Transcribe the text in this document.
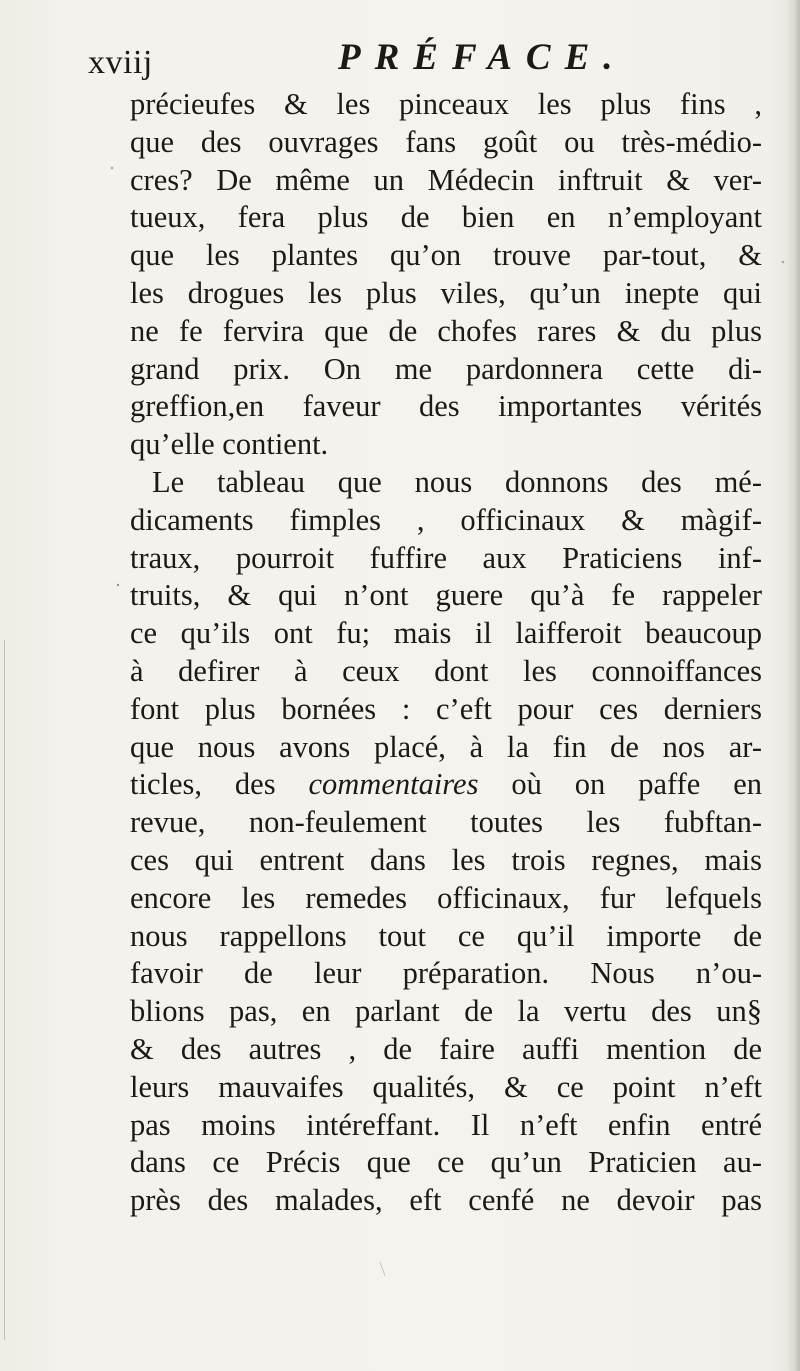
xviij	PRÉFACE.
précieufes & les pinceaux les plus fins ,
que des ouvrages fans goût ou très-médio-
cres? De même un Médecin inftruit & ver-
tueux, fera plus de bien en n’employant
que les plantes qu’on trouve par-tout, &
les drogues les plus viles, qu’un inepte qui
ne fe fervira que de chofes rares & du plus
grand prix. On me pardonnera cette di-
greffion,en faveur des importantes vérités
qu’elle contient.
Le tableau que nous donnons des mé-
dicaments fimples , officinaux & màgif-
traux, pourroit fuffire aux Praticiens inf-
truits, & qui n’ont guere qu’à fe rappeler
ce qu’ils ont fu; mais il laifferoit beaucoup
à defirer à ceux dont les connoiffances
font plus bornées : c’eft pour ces derniers
que nous avons placé, à la fin de nos ar-
ticles, des commentaires où on paffe en
revue, non-feulement toutes les fubftan-
ces qui entrent dans les trois regnes, mais
encore les remedes officinaux, fur lefquels
nous rappellons tout ce qu’il importe de
favoir de leur préparation. Nous n’ou-
blions pas, en parlant de la vertu des un§
& des autres , de faire auffi mention de
leurs mauvaifes qualités, & ce point n’eft
pas moins intéreffant. Il n’eft enfin entré
dans ce Précis que ce qu’un Praticien au-
près des malades, eft cenfé ne devoir pas
